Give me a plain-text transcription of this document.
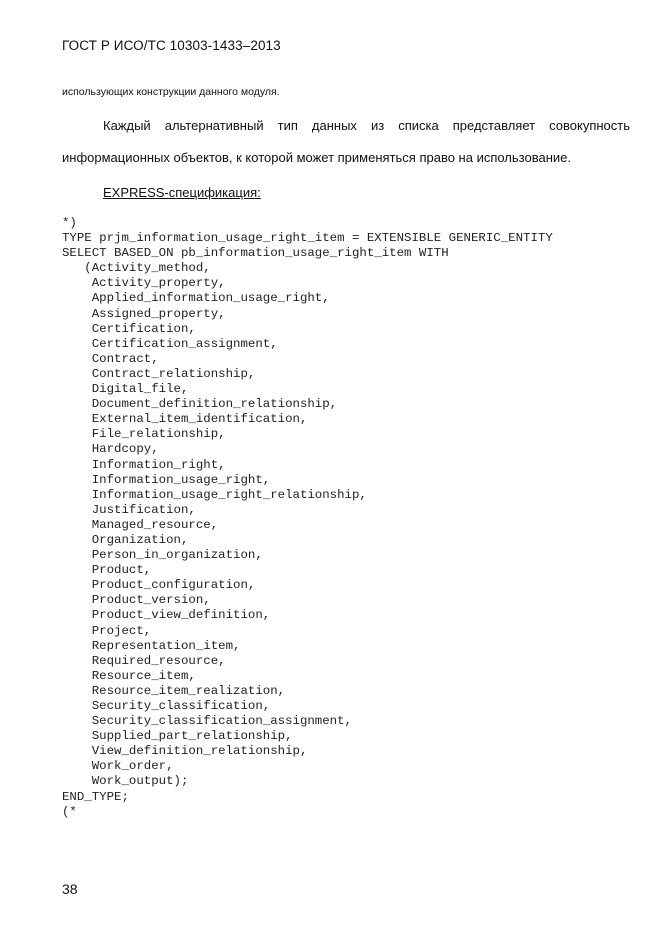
ГОСТ Р ИСО/ТС 10303-1433–2013
использующих конструкции данного модуля.
Каждый альтернативный тип данных из списка представляет совокупность
информационных объектов, к которой может применяться право на использование.
EXPRESS-спецификация:
*)
TYPE prjm_information_usage_right_item = EXTENSIBLE GENERIC_ENTITY
SELECT BASED_ON pb_information_usage_right_item WITH
(Activity_method,
Activity_property,
Applied_information_usage_right,
Assigned_property,
Certification,
Certification_assignment,
Contract,
Contract_relationship,
Digital_file,
Document_definition_relationship,
External_item_identification,
File_relationship,
Hardcopy,
Information_right,
Information_usage_right,
Information_usage_right_relationship,
Justification,
Managed_resource,
Organization,
Person_in_organization,
Product,
Product_configuration,
Product_version,
Product_view_definition,
Project,
Representation_item,
Required_resource,
Resource_item,
Resource_item_realization,
Security_classification,
Security_classification_assignment,
Supplied_part_relationship,
View_definition_relationship,
Work_order,
Work_output);
END_TYPE;
(*
38
